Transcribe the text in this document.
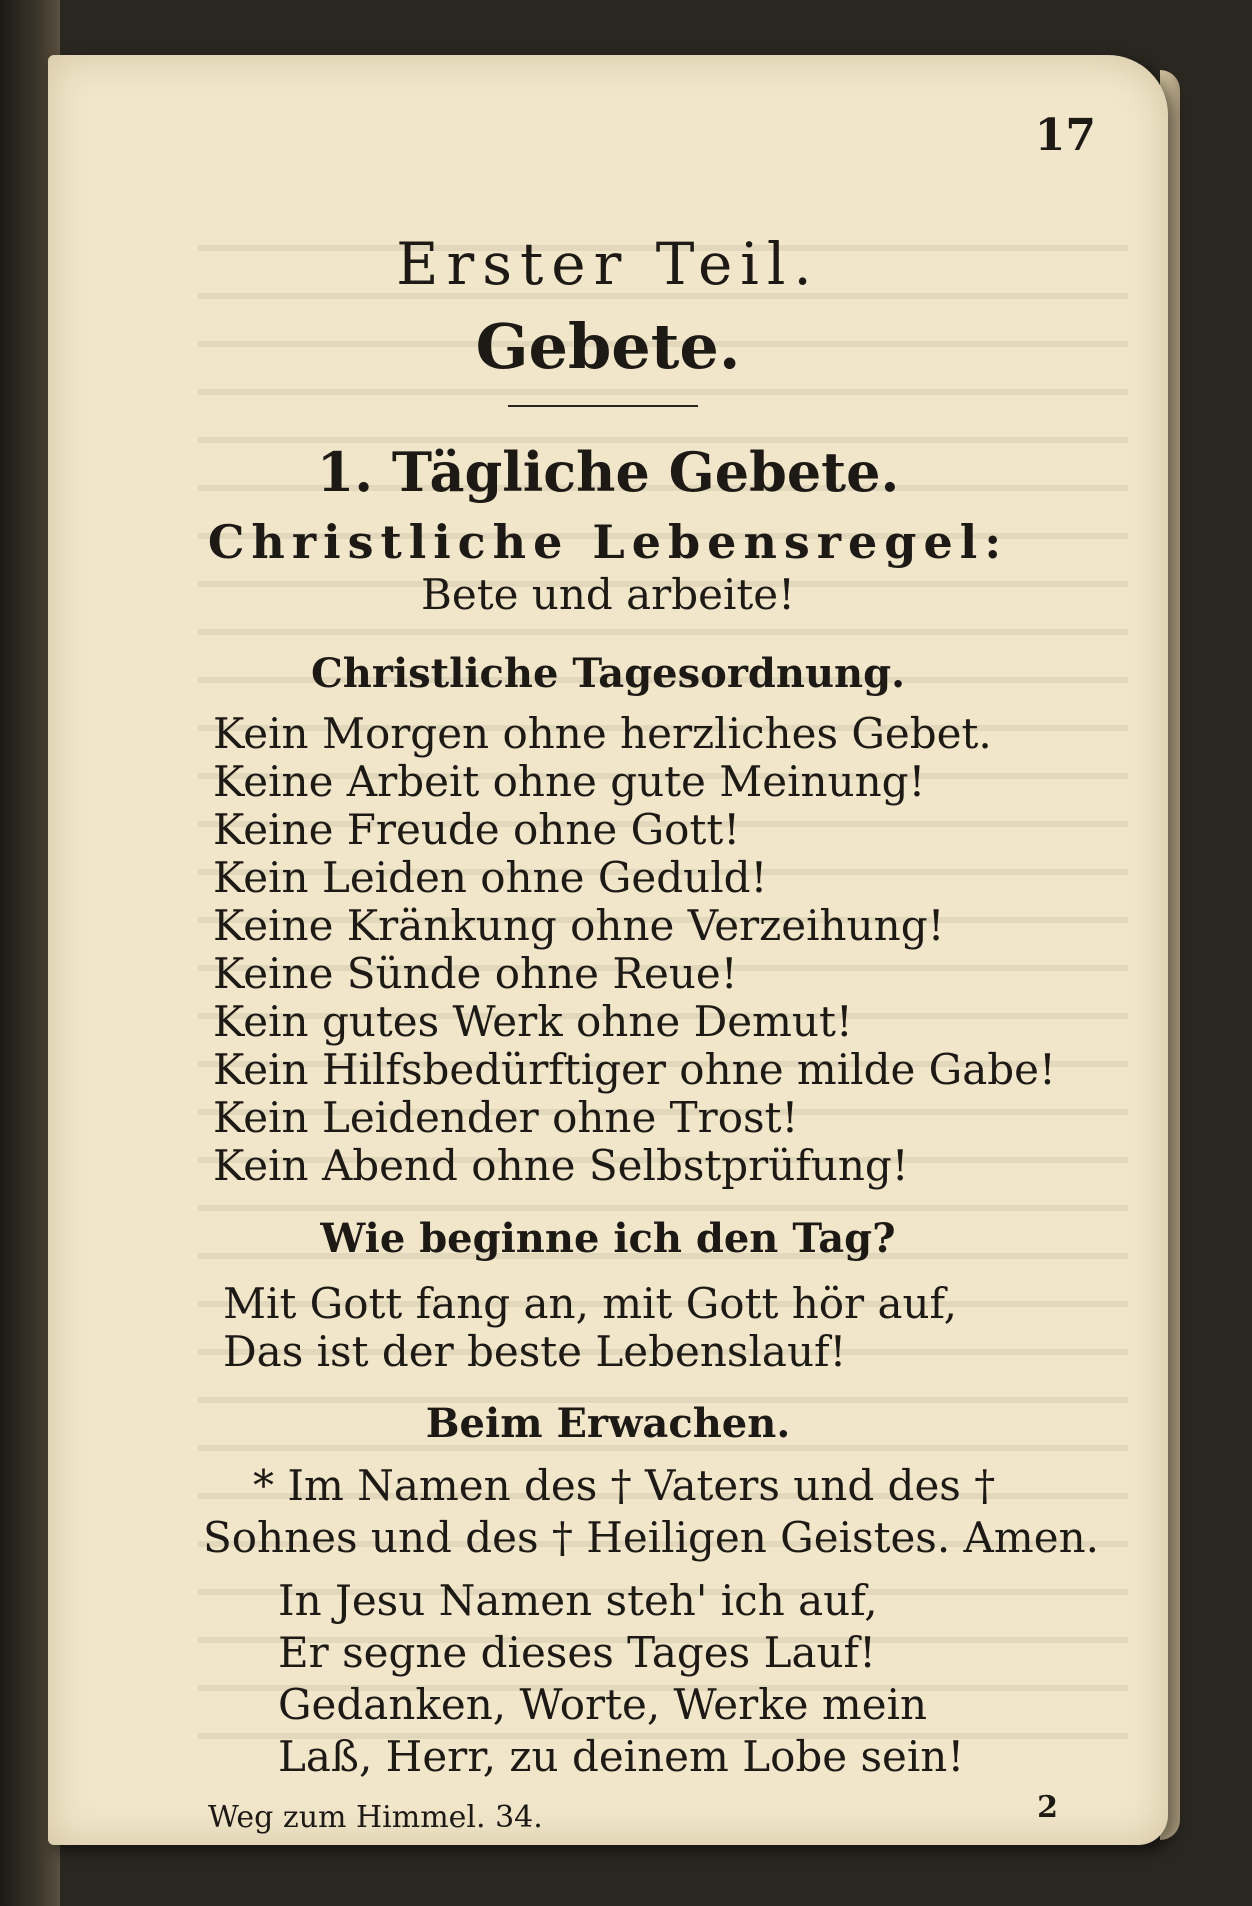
17
Erster Teil.
Gebete.
1. Tägliche Gebete.
Christliche Lebensregel:
Bete und arbeite!
Christliche Tagesordnung.
Kein Morgen ohne herzliches Gebet.
Keine Arbeit ohne gute Meinung!
Keine Freude ohne Gott!
Kein Leiden ohne Geduld!
Keine Kränkung ohne Verzeihung!
Keine Sünde ohne Reue!
Kein gutes Werk ohne Demut!
Kein Hilfsbedürftiger ohne milde Gabe!
Kein Leidender ohne Trost!
Kein Abend ohne Selbstprüfung!
Wie beginne ich den Tag?
Mit Gott fang an, mit Gott hör auf,
Das ist der beste Lebenslauf!
Beim Erwachen.
* Im Namen des † Vaters und des †
Sohnes und des † Heiligen Geistes. Amen.
In Jesu Namen steh' ich auf,
Er segne dieses Tages Lauf!
Gedanken, Worte, Werke mein
Laß, Herr, zu deinem Lobe sein!
Weg zum Himmel. 34.	2
